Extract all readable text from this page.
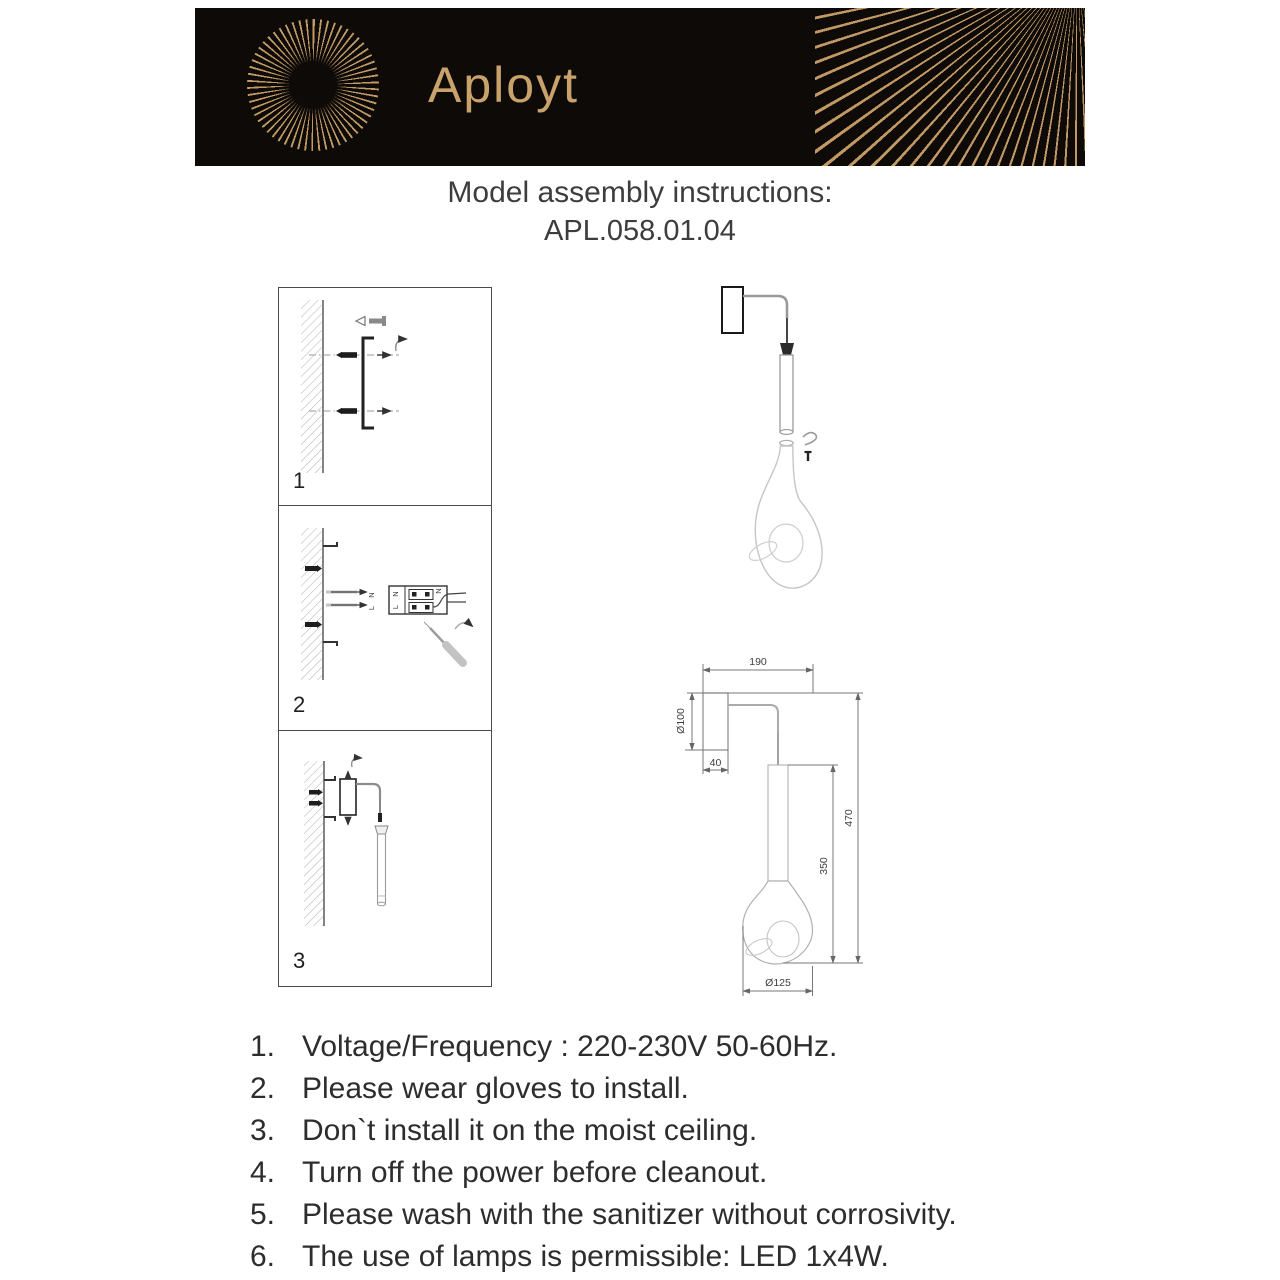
Aployt
Model assembly instructions:
APL.058.01.04
1
N
L
N
L
N
2
3
190
Ø100
40
470
350
Ø125
1. Voltage/Frequency : 220-230V 50-60Hz.
2. Please wear gloves to install.
3. Don`t install it on the moist ceiling.
4. Turn off the power before cleanout.
5. Please wash with the sanitizer without corrosivity.
6. The use of lamps is permissible: LED 1x4W.
